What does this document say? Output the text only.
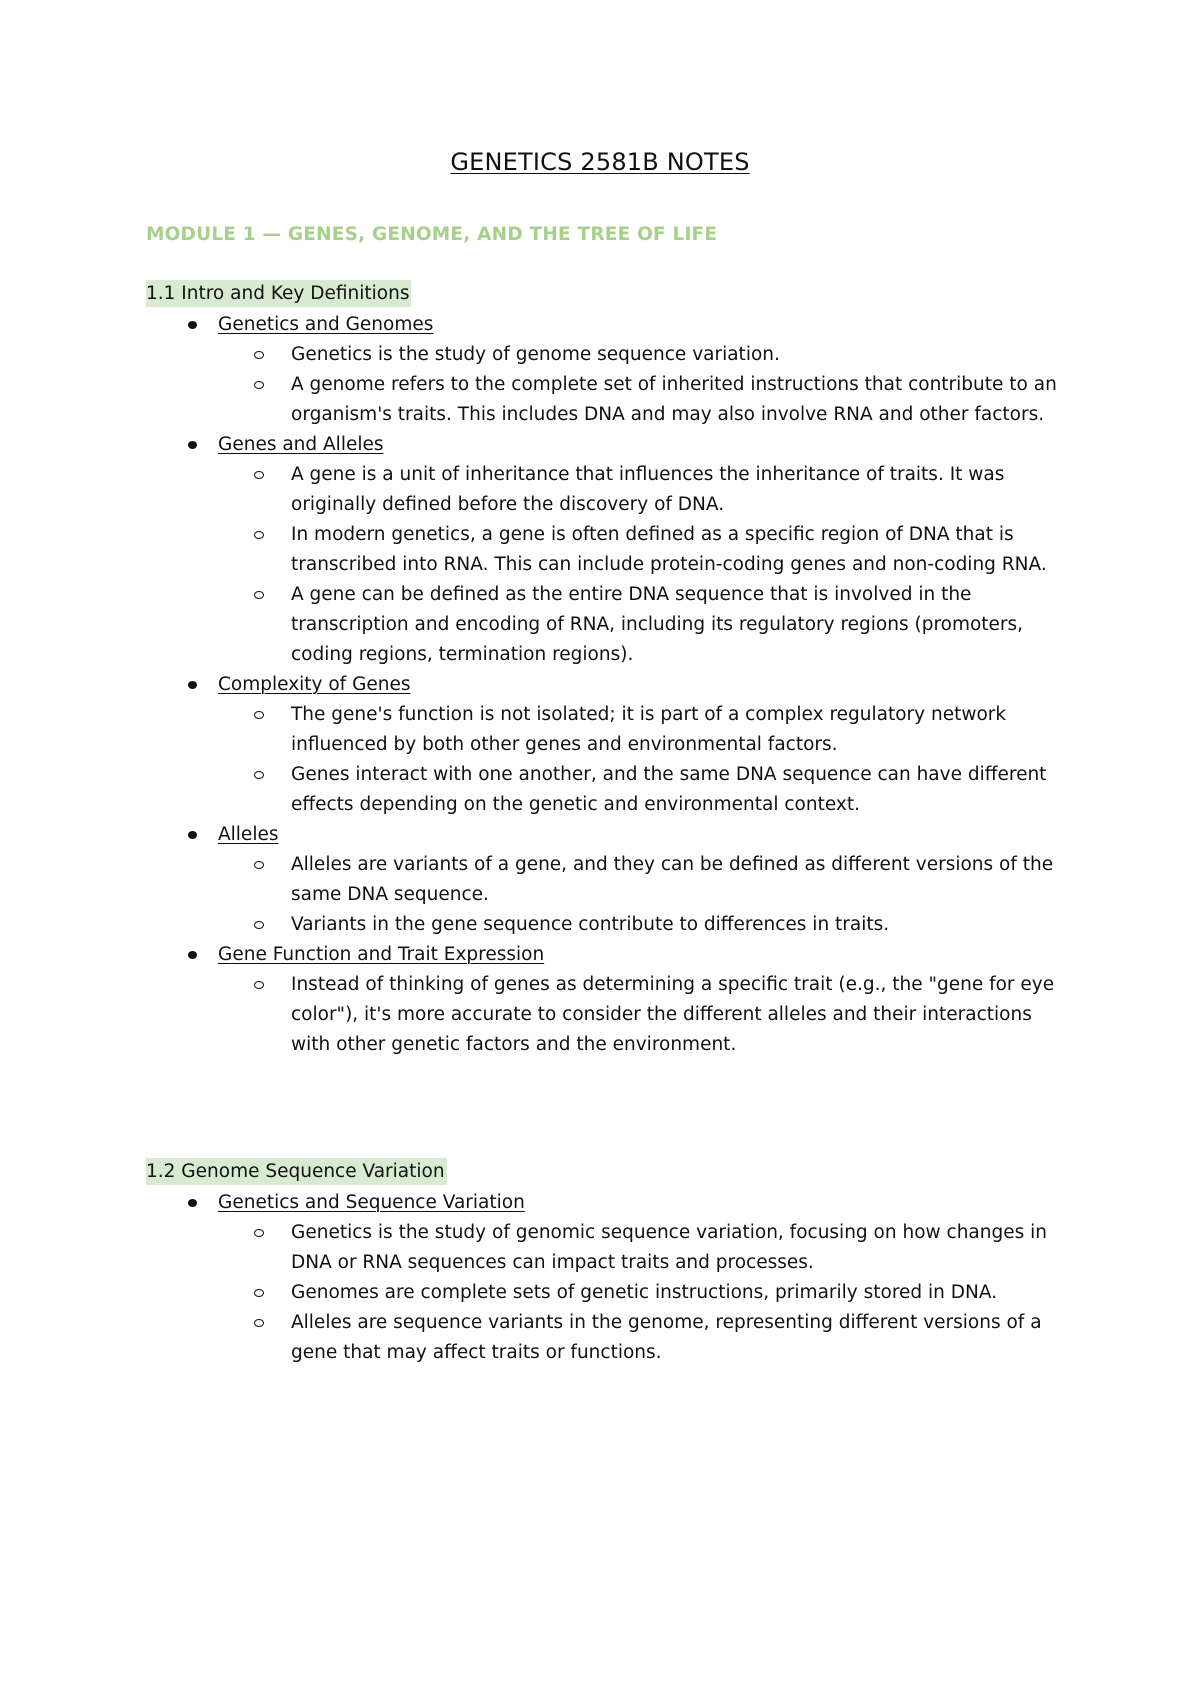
GENETICS 2581B NOTES
MODULE 1 — GENES, GENOME, AND THE TREE OF LIFE
1.1 Intro and Key Definitions
Genetics and Genomes
Genetics is the study of genome sequence variation.
A genome refers to the complete set of inherited instructions that contribute to an organism's traits. This includes DNA and may also involve RNA and other factors.
Genes and Alleles
A gene is a unit of inheritance that influences the inheritance of traits. It was originally defined before the discovery of DNA.
In modern genetics, a gene is often defined as a specific region of DNA that is transcribed into RNA. This can include protein-coding genes and non-coding RNA.
A gene can be defined as the entire DNA sequence that is involved in the transcription and encoding of RNA, including its regulatory regions (promoters, coding regions, termination regions).
Complexity of Genes
The gene's function is not isolated; it is part of a complex regulatory network influenced by both other genes and environmental factors.
Genes interact with one another, and the same DNA sequence can have different effects depending on the genetic and environmental context.
Alleles
Alleles are variants of a gene, and they can be defined as different versions of the same DNA sequence.
Variants in the gene sequence contribute to differences in traits.
Gene Function and Trait Expression
Instead of thinking of genes as determining a specific trait (e.g., the "gene for eye color"), it's more accurate to consider the different alleles and their interactions with other genetic factors and the environment.
1.2 Genome Sequence Variation
Genetics and Sequence Variation
Genetics is the study of genomic sequence variation, focusing on how changes in DNA or RNA sequences can impact traits and processes.
Genomes are complete sets of genetic instructions, primarily stored in DNA.
Alleles are sequence variants in the genome, representing different versions of a gene that may affect traits or functions.
